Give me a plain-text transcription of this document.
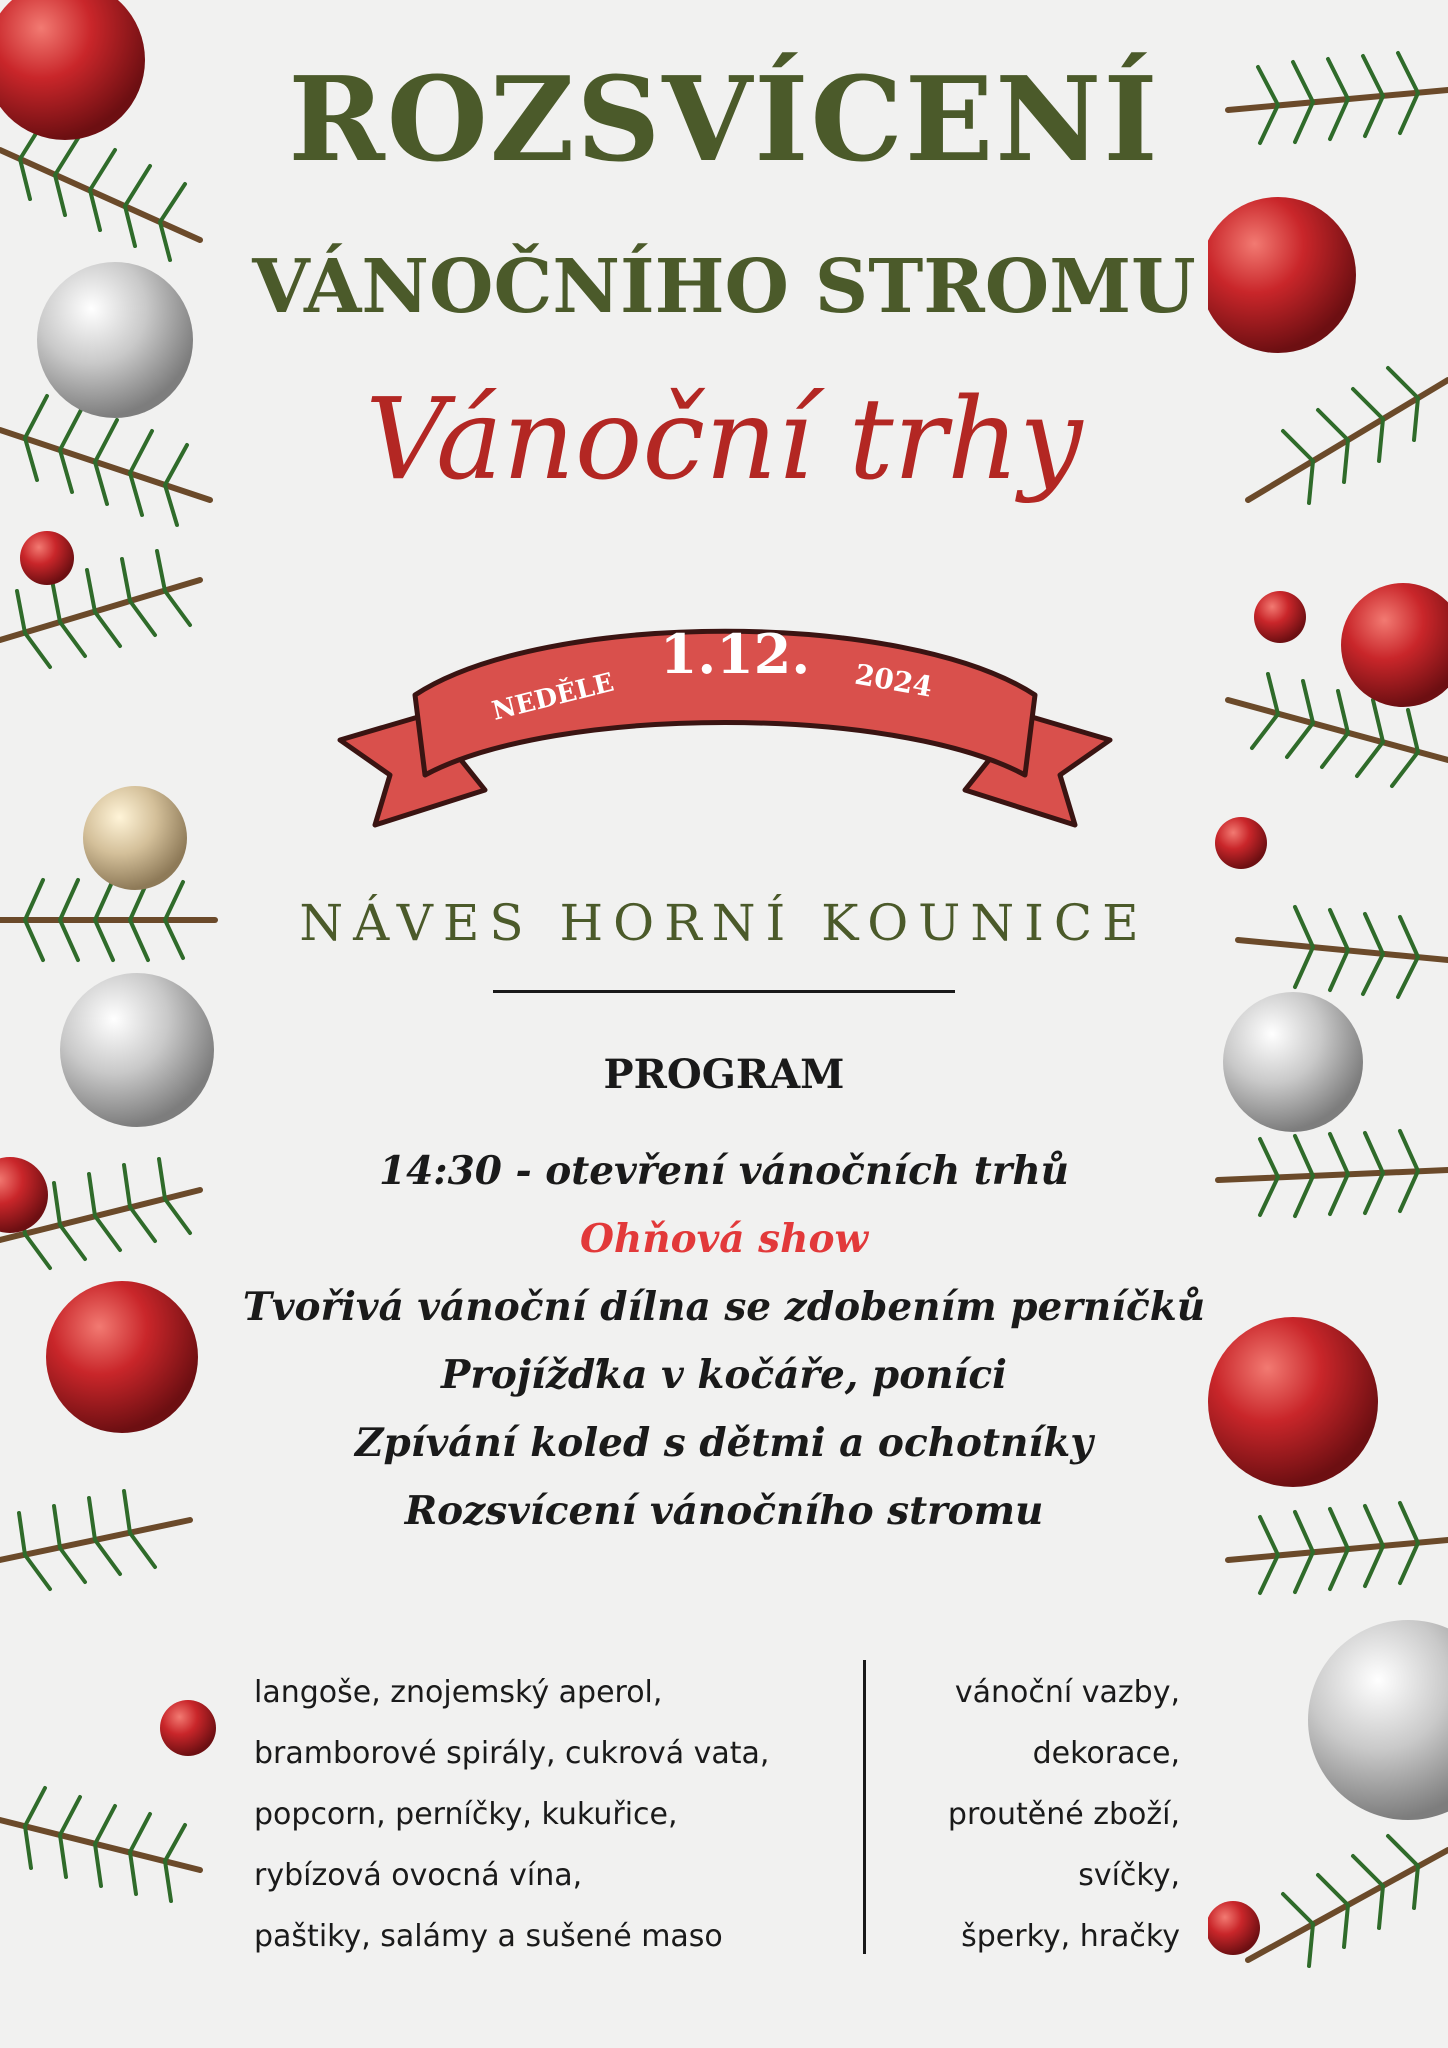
ROZSVÍCENÍ
VÁNOČNÍHO STROMU
Vánoční trhy
NEDĚLE
1.12. 2024
NÁVES HORNÍ KOUNICE
PROGRAM
14:30 - otevření vánočních trhů
Ohňová show
Tvořivá vánoční dílna se zdobením perníčků
Projížďka v kočáře, poníci
Zpívání koled s dětmi a ochotníky
Rozsvícení vánočního stromu
langoše, znojemský aperol,
bramborové spirály, cukrová vata,
popcorn, perníčky, kukuřice,
rybízová ovocná vína,
paštiky, salámy a sušené maso
vánoční vazby,
dekorace,
proutěné zboží,
svíčky,
šperky, hračky
